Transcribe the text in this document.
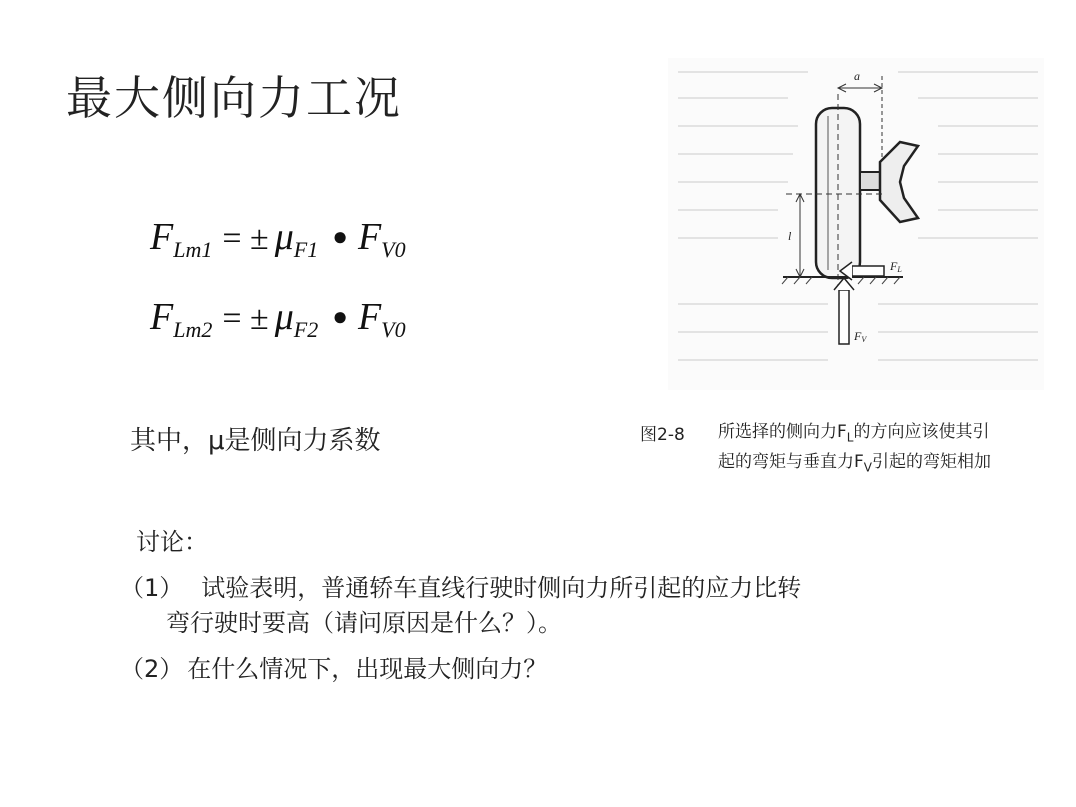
最大侧向力工况
FLm1 = ± μF1 ● FV0
FLm2 = ± μF2 ● FV0
其中，μ是侧向力系数
a
l
FL
FV
图2-8 所选择的侧向力$F_L$的方向应该使其引
起的弯矩与垂直力$F_V$引起的弯矩相加
讨论：
（1） 试验表明，普通轿车直线行驶时侧向力所引起的应力比转
弯行驶时要高（请问原因是什么？）。
（2） 在什么情况下，出现最大侧向力？
